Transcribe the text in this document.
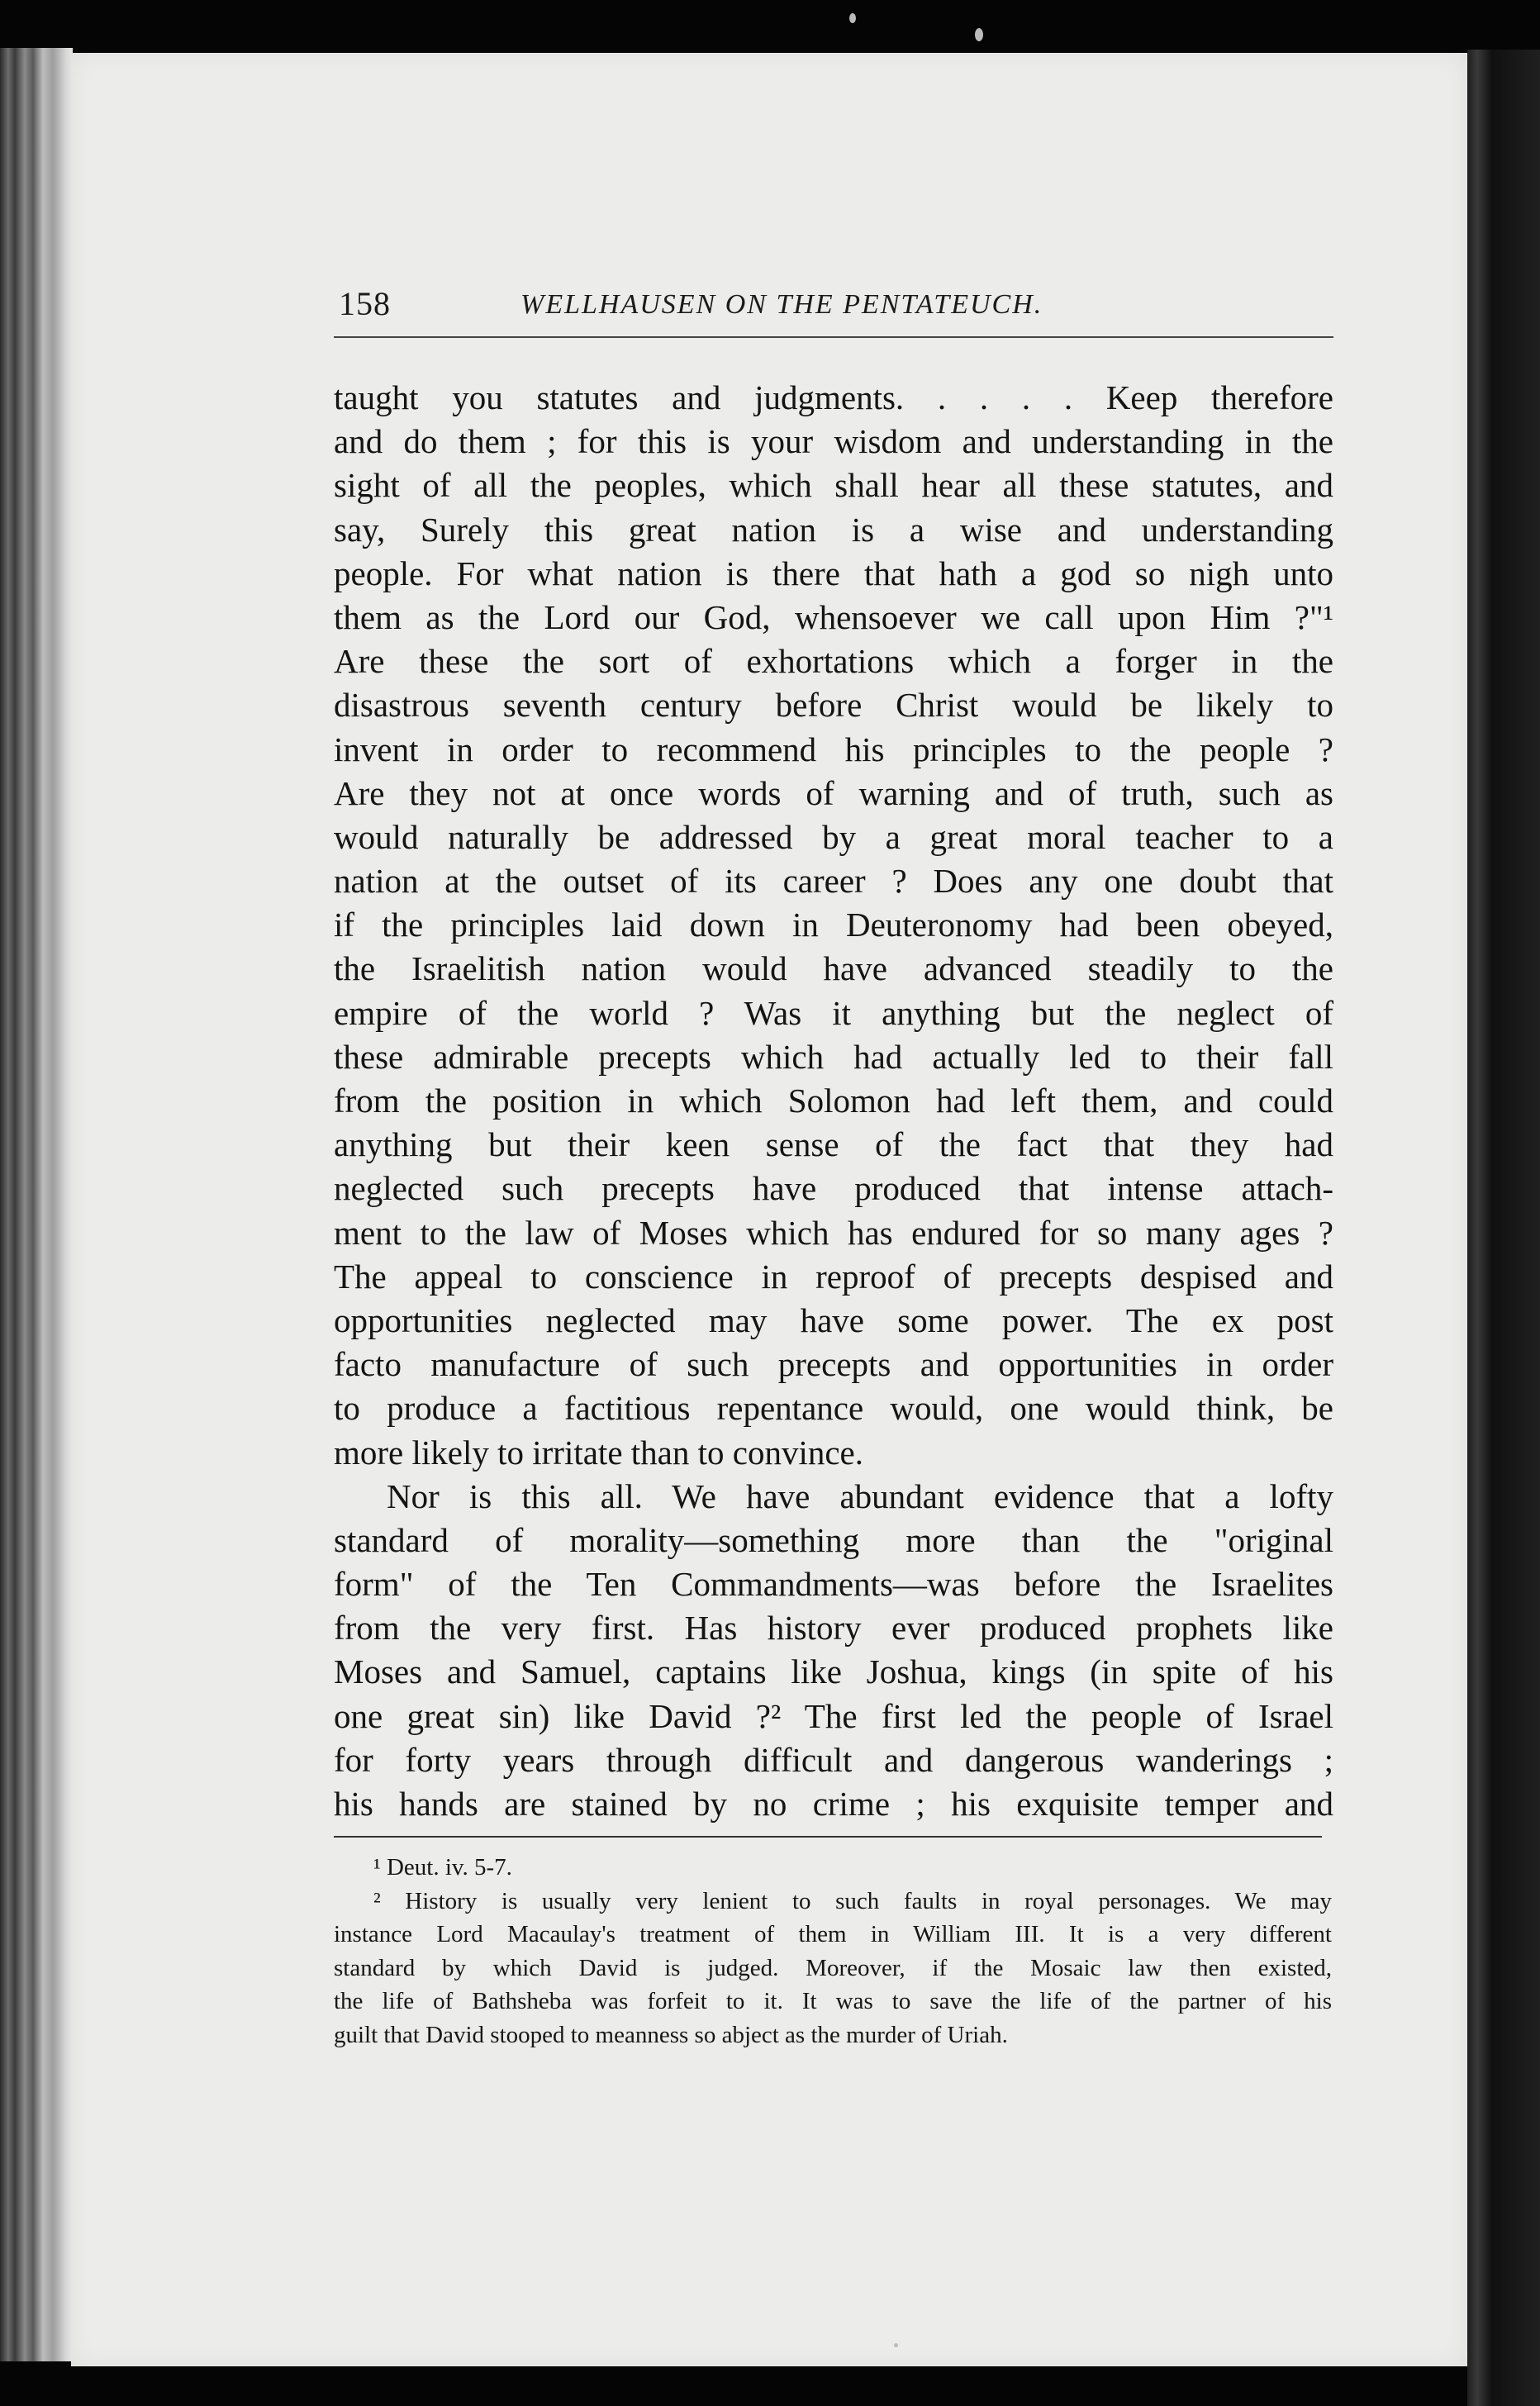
158	WELLHAUSEN ON THE PENTATEUCH.
taught you statutes and judgments. . . . . Keep therefore
and do them ; for this is your wisdom and understanding in the
sight of all the peoples, which shall hear all these statutes, and
say, Surely this great nation is a wise and understanding
people. For what nation is there that hath a god so nigh unto
them as the Lord our God, whensoever we call upon Him ?"¹
Are these the sort of exhortations which a forger in the
disastrous seventh century before Christ would be likely to
invent in order to recommend his principles to the people ?
Are they not at once words of warning and of truth, such as
would naturally be addressed by a great moral teacher to a
nation at the outset of its career ? Does any one doubt that
if the principles laid down in Deuteronomy had been obeyed,
the Israelitish nation would have advanced steadily to the
empire of the world ? Was it anything but the neglect of
these admirable precepts which had actually led to their fall
from the position in which Solomon had left them, and could
anything but their keen sense of the fact that they had
neglected such precepts have produced that intense attach-
ment to the law of Moses which has endured for so many ages ?
The appeal to conscience in reproof of precepts despised and
opportunities neglected may have some power. The ex post
facto manufacture of such precepts and opportunities in order
to produce a factitious repentance would, one would think, be
more likely to irritate than to convince.
Nor is this all. We have abundant evidence that a lofty
standard of morality—something more than the "original
form" of the Ten Commandments—was before the Israelites
from the very first. Has history ever produced prophets like
Moses and Samuel, captains like Joshua, kings (in spite of his
one great sin) like David ?² The first led the people of Israel
for forty years through difficult and dangerous wanderings ;
his hands are stained by no crime ; his exquisite temper and
¹ Deut. iv. 5-7.
² History is usually very lenient to such faults in royal personages. We may
instance Lord Macaulay's treatment of them in William III. It is a very different
standard by which David is judged. Moreover, if the Mosaic law then existed,
the life of Bathsheba was forfeit to it. It was to save the life of the partner of his
guilt that David stooped to meanness so abject as the murder of Uriah.
